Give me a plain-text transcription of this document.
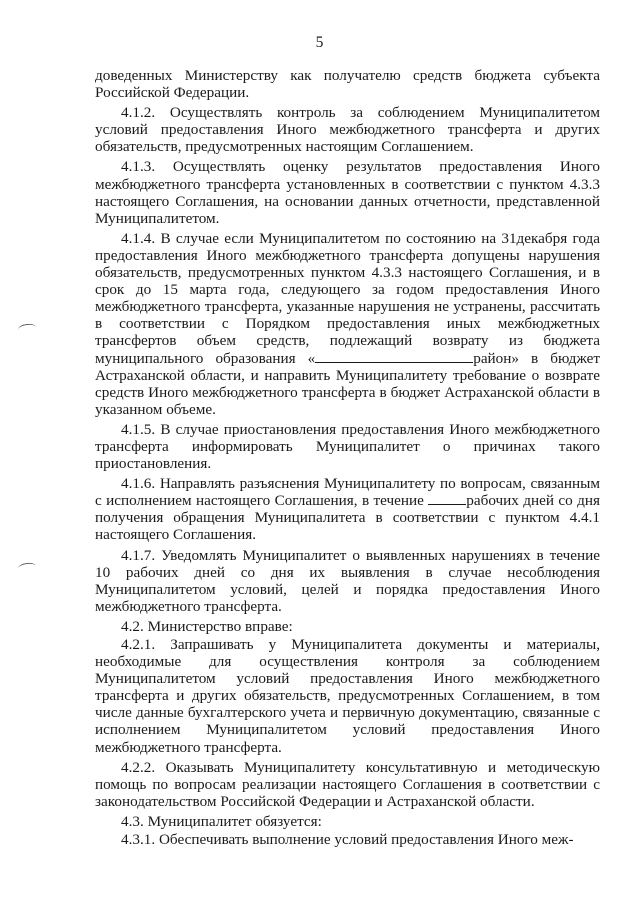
5

доведенных Министерству как получателю средств бюджета субъекта Российской Федерации.

4.1.2. Осуществлять контроль за соблюдением Муниципалитетом условий предоставления Иного межбюджетного трансферта и других обязательств, предусмотренных настоящим Соглашением.

4.1.3. Осуществлять оценку результатов предоставления Иного межбюджетного трансферта установленных в соответствии с пунктом 4.3.3 настоящего Соглашения, на основании данных отчетности, представленной Муниципалитетом.

4.1.4. В случае если Муниципалитетом по состоянию на 31декабря года предоставления Иного межбюджетного трансферта допущены нарушения обязательств, предусмотренных пунктом 4.3.3 настоящего Соглашения, и в срок до 15 марта года, следующего за годом предоставления Иного межбюджетного трансферта, указанные нарушения не устранены, рассчитать в соответствии с Порядком предоставления иных межбюджетных трансфертов объем средств, подлежащий возврату из бюджета муниципального образования «	район» в бюджет Астраханской области, и направить Муниципалитету требование о возврате средств Иного межбюджетного трансферта в бюджет Астраханской области в указанном объеме.

4.1.5. В случае приостановления предоставления Иного межбюджетного трансферта информировать Муниципалитет о причинах такого приостановления.

4.1.6. Направлять разъяснения Муниципалитету по вопросам, связанным с исполнением настоящего Соглашения, в течение	рабочих дней со дня получения обращения Муниципалитета в соответствии с пунктом 4.4.1 настоящего Соглашения.

4.1.7. Уведомлять Муниципалитет о выявленных нарушениях в течение 10 рабочих дней со дня их выявления в случае несоблюдения Муниципалитетом условий, целей и порядка предоставления Иного межбюджетного трансферта.

4.2. Министерство вправе:

4.2.1. Запрашивать у Муниципалитета документы и материалы, необходимые для осуществления контроля за соблюдением Муниципалитетом условий предоставления Иного межбюджетного трансферта и других обязательств, предусмотренных Соглашением, в том числе данные бухгалтерского учета и первичную документацию, связанные с исполнением Муниципалитетом условий предоставления Иного межбюджетного трансферта.

4.2.2. Оказывать Муниципалитету консультативную и методическую помощь по вопросам реализации настоящего Соглашения в соответствии с законодательством Российской Федерации и Астраханской области.

4.3. Муниципалитет обязуется:

4.3.1. Обеспечивать выполнение условий предоставления Иного меж-
